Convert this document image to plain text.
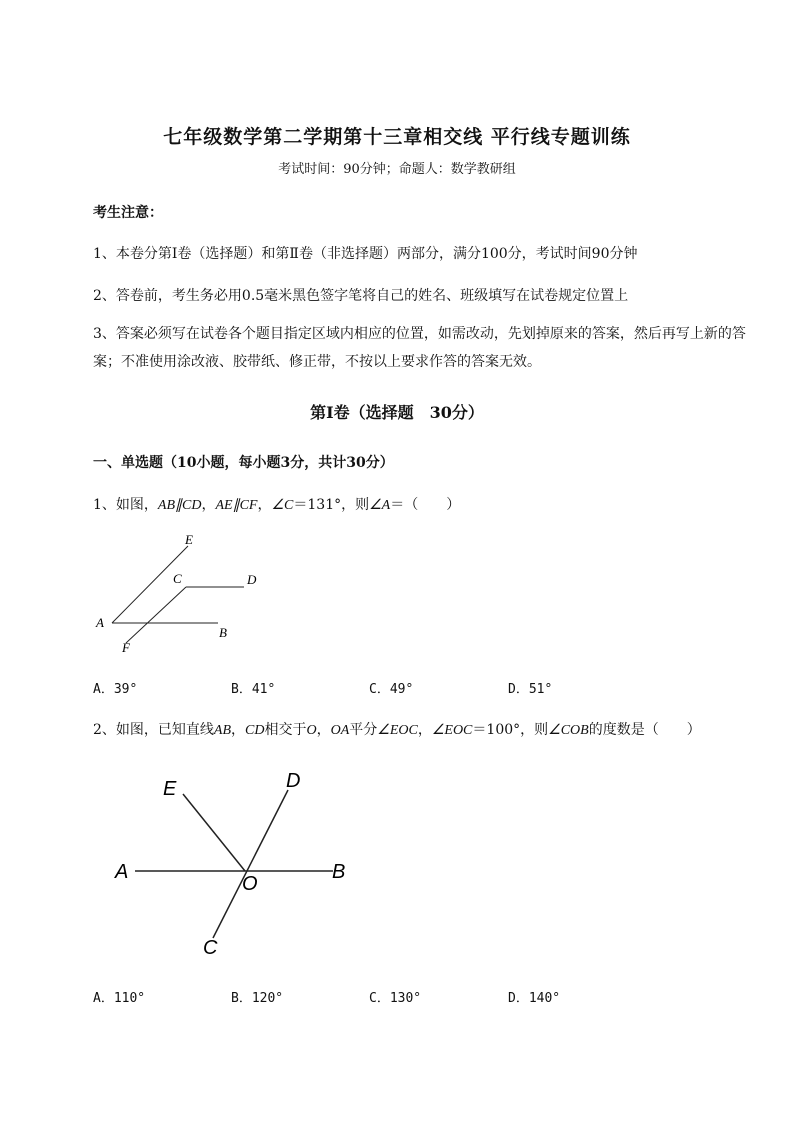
七年级数学第二学期第十三章相交线 平行线专题训练
考试时间：90分钟；命题人：数学教研组
考生注意：
1、本卷分第I卷（选择题）和第Ⅱ卷（非选择题）两部分，满分100分，考试时间90分钟
2、答卷前，考生务必用0.5毫米黑色签字笔将自己的姓名、班级填写在试卷规定位置上
3、答案必须写在试卷各个题目指定区域内相应的位置，如需改动，先划掉原来的答案，然后再写上新的答案；不准使用涂改液、胶带纸、修正带，不按以上要求作答的答案无效。
第I卷（选择题　30分）
一、单选题（10小题，每小题3分，共计30分）
1、如图，AB∥CD，AE∥CF，∠C＝131°，则∠A＝（　　）
E
C	D
A
B
F
A．39°	B．41°	C．49°	D．51°
2、如图，已知直线AB，CD相交于O，OA平分∠EOC，∠EOC＝100°，则∠COB的度数是（　　）
E	D
A
O
B
C
A．110°	B．120°	C．130°	D．140°
